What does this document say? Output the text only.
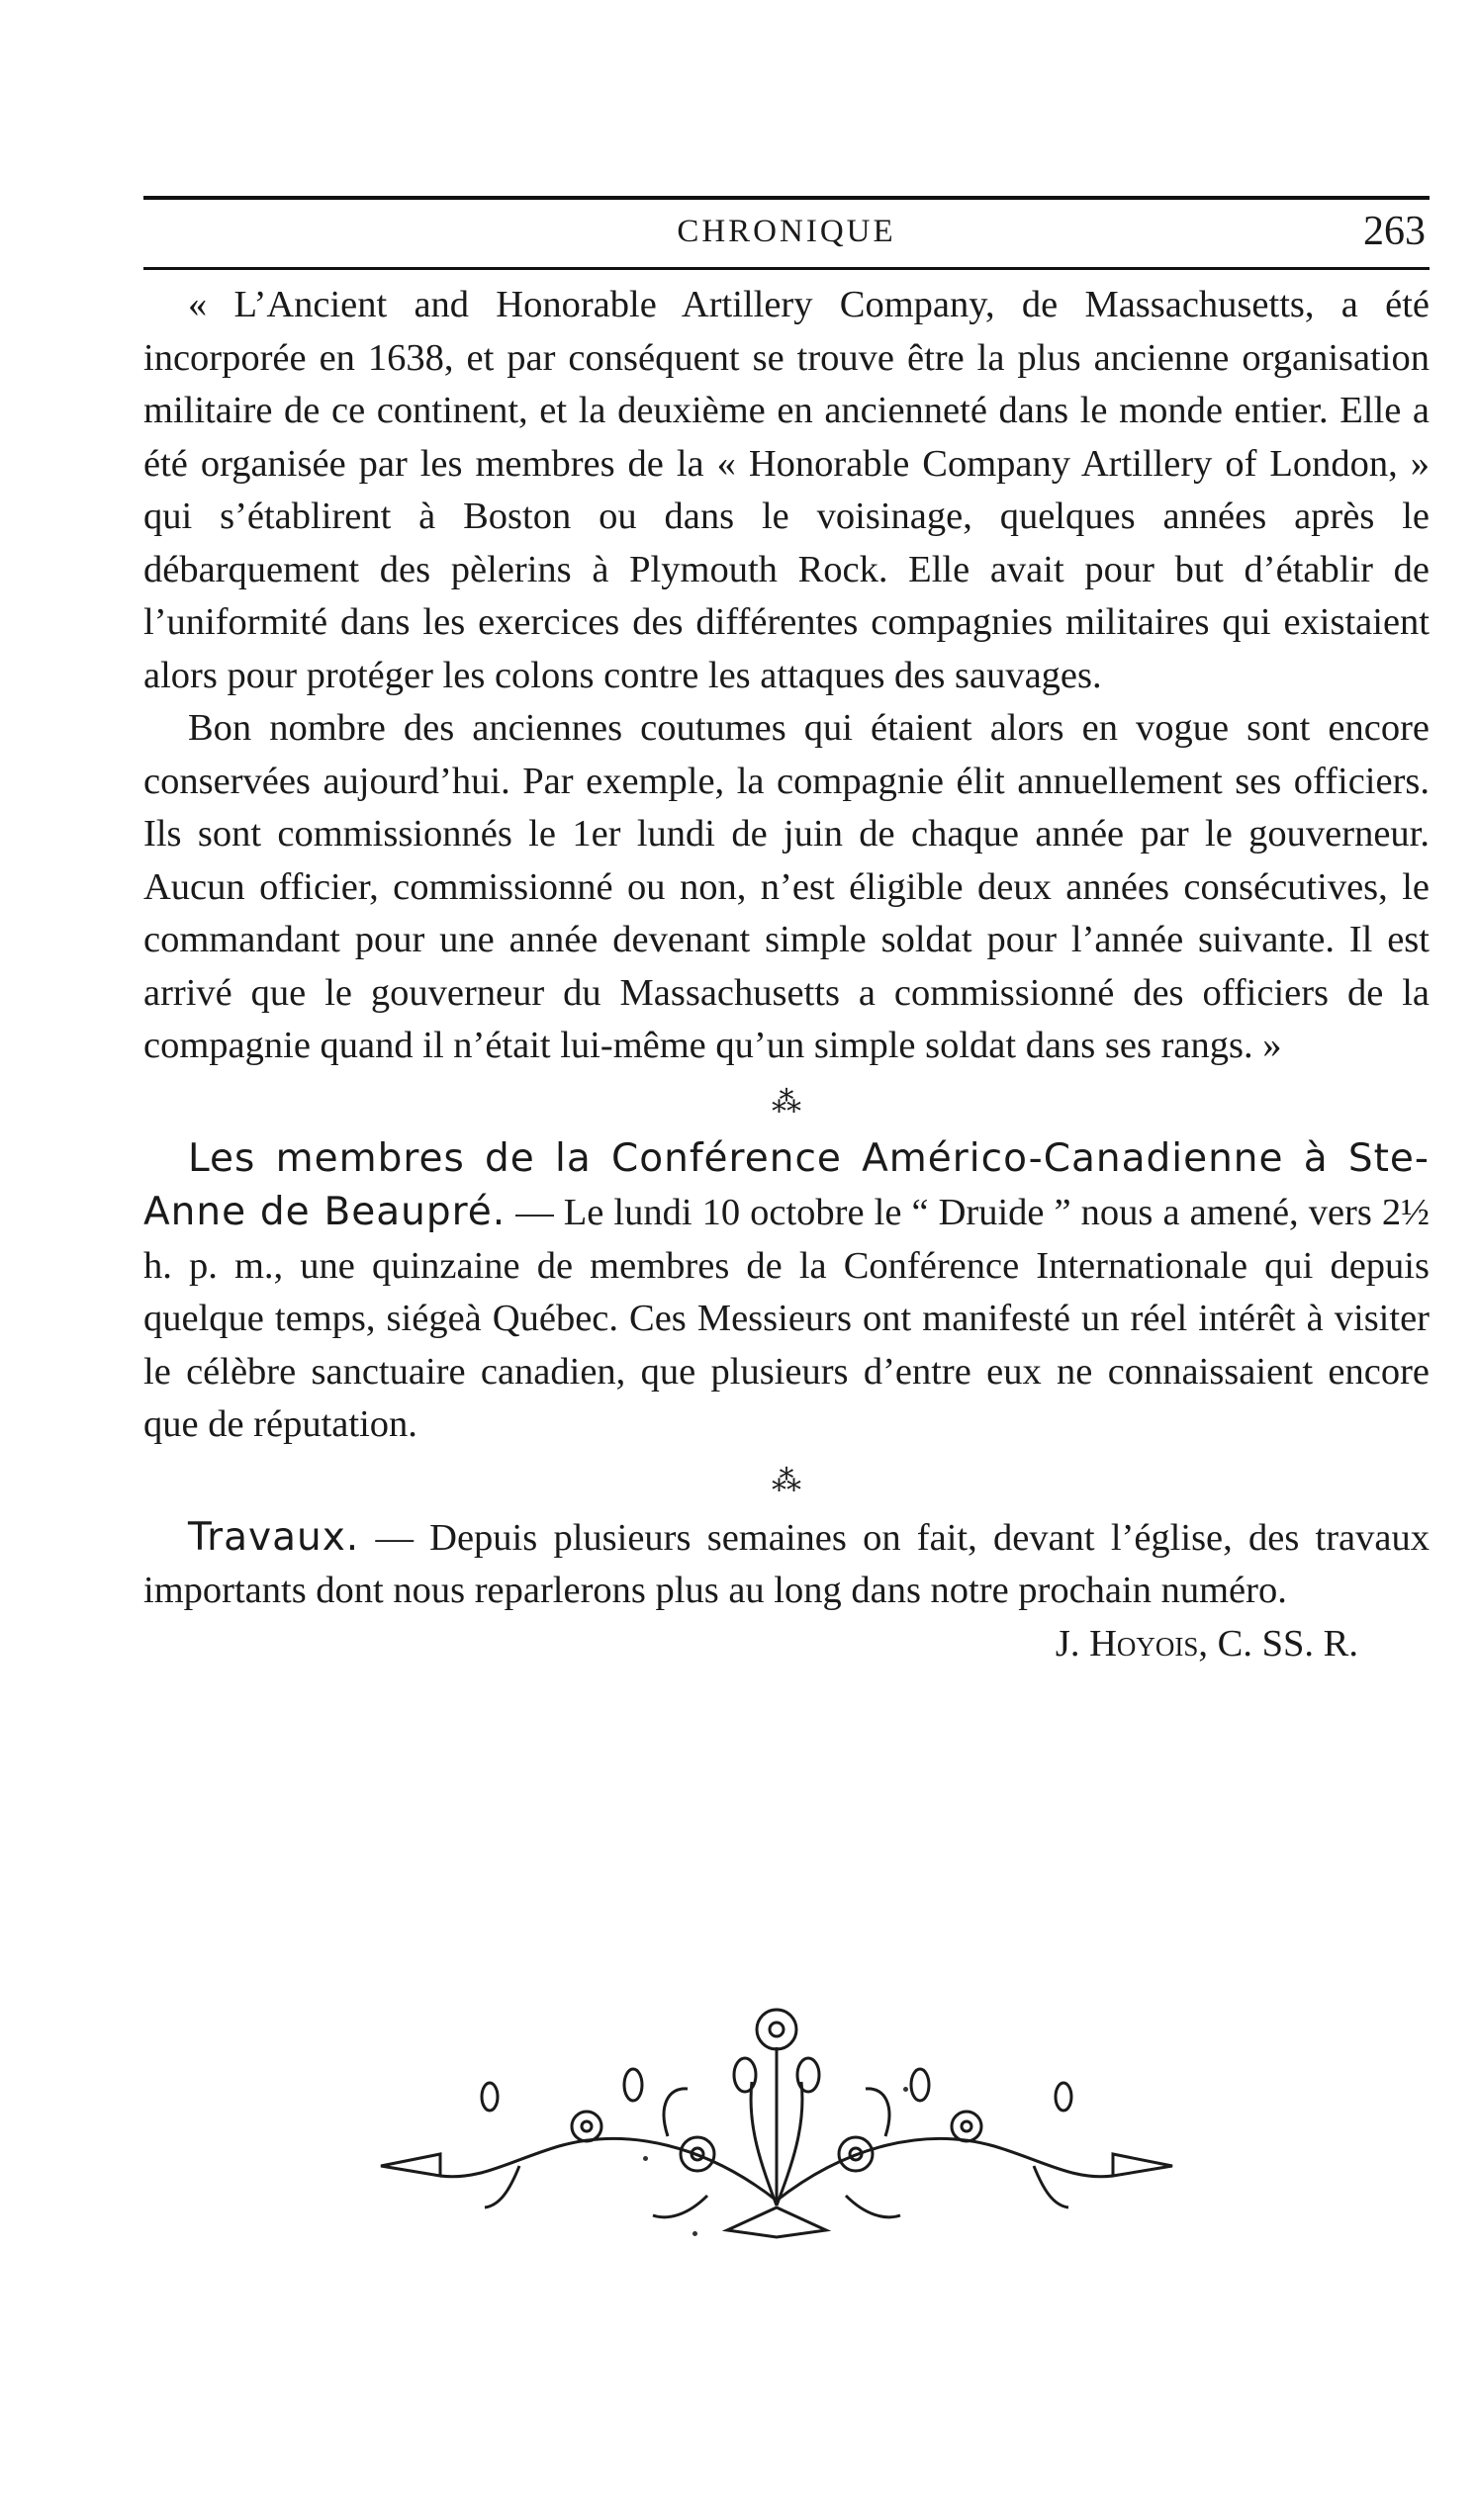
CHRONIQUE	263

« L’Ancient and Honorable Artillery Company, de Massachusetts, a été incorporée en 1638, et par conséquent se trouve être la plus ancienne organisation militaire de ce continent, et la deuxième en ancienneté dans le monde entier. Elle a été organisée par les membres de la « Honorable Company Artillery of London, » qui s’établirent à Boston ou dans le voisinage, quelques années après le débarquement des pèlerins à Plymouth Rock. Elle avait pour but d’établir de l’uniformité dans les exercices des différentes compagnies militaires qui existaient alors pour protéger les colons contre les attaques des sauvages.

Bon nombre des anciennes coutumes qui étaient alors en vogue sont encore conservées aujourd’hui. Par exemple, la compagnie élit annuellement ses officiers. Ils sont commissionnés le 1er lundi de juin de chaque année par le gouverneur. Aucun officier, commissionné ou non, n’est éligible deux années consécutives, le commandant pour une année devenant simple soldat pour l’année suivante. Il est arrivé que le gouverneur du Massachusetts a commissionné des officiers de la compagnie quand il n’était lui-même qu’un simple soldat dans ses rangs. »

⁂

Les membres de la Conférence Américo-Canadienne à Ste-Anne de Beaupré. — Le lundi 10 octobre le “ Druide ” nous a amené, vers 2½ h. p. m., une quinzaine de membres de la Conférence Internationale qui depuis quelque temps, siégeà Québec. Ces Messieurs ont manifesté un réel intérêt à visiter le célèbre sanctuaire canadien, que plusieurs d’entre eux ne connaissaient encore que de réputation.

⁂

Travaux. — Depuis plusieurs semaines on fait, devant l’église, des travaux importants dont nous reparlerons plus au long dans notre prochain numéro.

J. Hoyois, C. SS. R.
